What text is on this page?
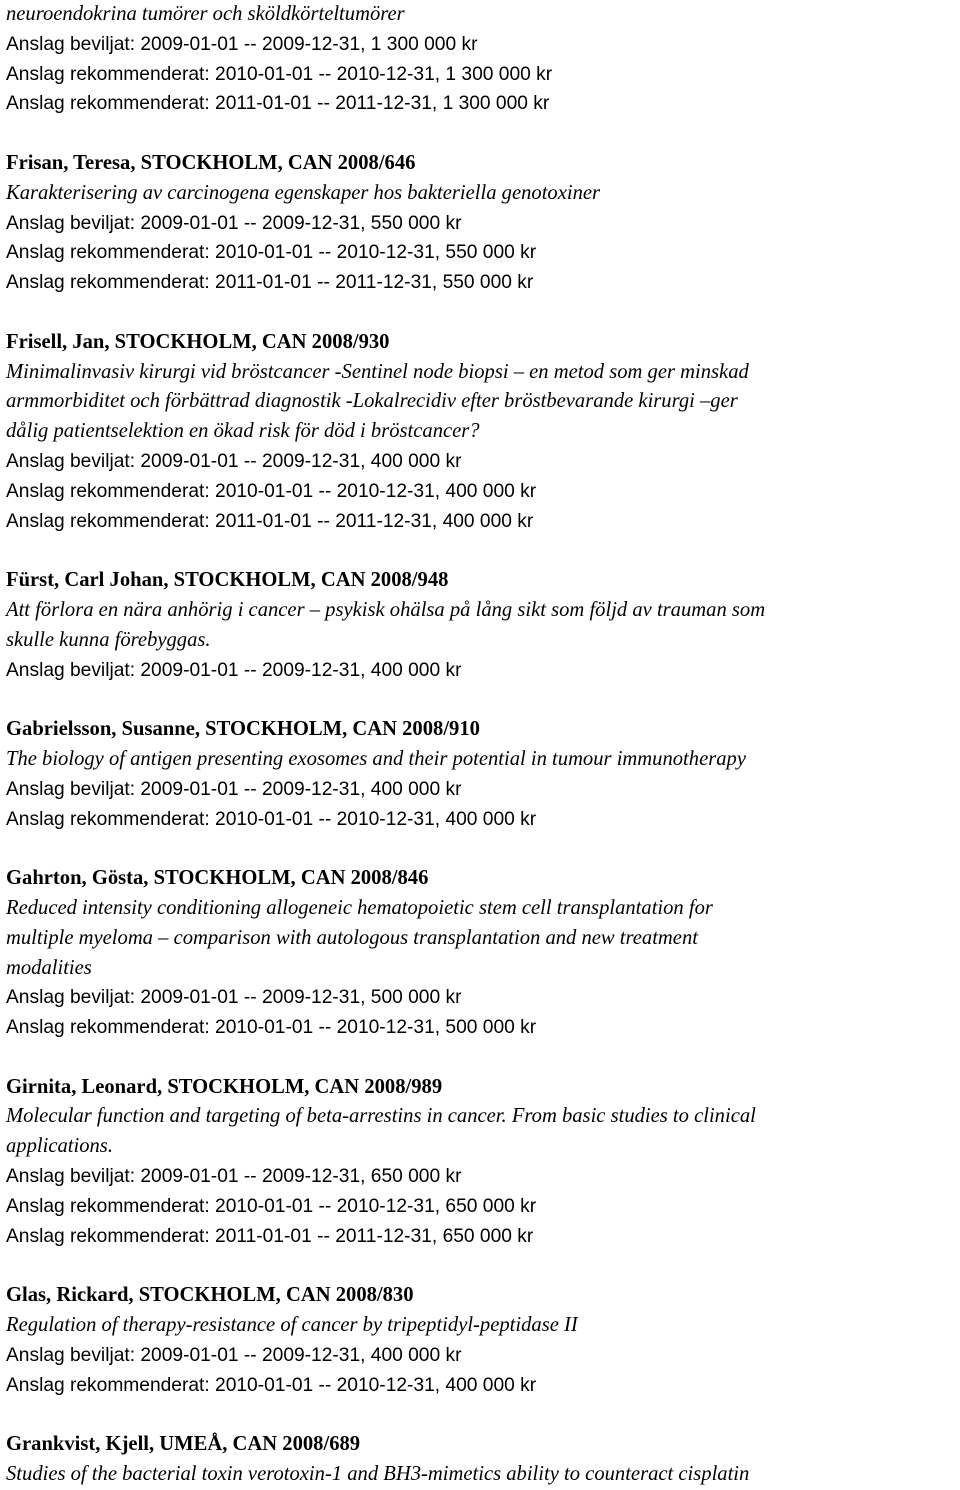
neuroendokrina tumörer och sköldkörteltumörer
Anslag beviljat: 2009-01-01 -- 2009-12-31, 1 300 000 kr
Anslag rekommenderat: 2010-01-01 -- 2010-12-31, 1 300 000 kr
Anslag rekommenderat: 2011-01-01 -- 2011-12-31, 1 300 000 kr
Frisan, Teresa, STOCKHOLM, CAN 2008/646
Karakterisering av carcinogena egenskaper hos bakteriella genotoxiner
Anslag beviljat: 2009-01-01 -- 2009-12-31, 550 000 kr
Anslag rekommenderat: 2010-01-01 -- 2010-12-31, 550 000 kr
Anslag rekommenderat: 2011-01-01 -- 2011-12-31, 550 000 kr
Frisell, Jan, STOCKHOLM, CAN 2008/930
Minimalinvasiv kirurgi vid bröstcancer -Sentinel node biopsi – en metod som ger minskad
armmorbiditet och förbättrad diagnostik -Lokalrecidiv efter bröstbevarande kirurgi –ger
dålig patientselektion en ökad risk för död i bröstcancer?
Anslag beviljat: 2009-01-01 -- 2009-12-31, 400 000 kr
Anslag rekommenderat: 2010-01-01 -- 2010-12-31, 400 000 kr
Anslag rekommenderat: 2011-01-01 -- 2011-12-31, 400 000 kr
Fürst, Carl Johan, STOCKHOLM, CAN 2008/948
Att förlora en nära anhörig i cancer – psykisk ohälsa på lång sikt som följd av trauman som
skulle kunna förebyggas.
Anslag beviljat: 2009-01-01 -- 2009-12-31, 400 000 kr
Gabrielsson, Susanne, STOCKHOLM, CAN 2008/910
The biology of antigen presenting exosomes and their potential in tumour immunotherapy
Anslag beviljat: 2009-01-01 -- 2009-12-31, 400 000 kr
Anslag rekommenderat: 2010-01-01 -- 2010-12-31, 400 000 kr
Gahrton, Gösta, STOCKHOLM, CAN 2008/846
Reduced intensity conditioning allogeneic hematopoietic stem cell transplantation for
multiple myeloma – comparison with autologous transplantation and new treatment
modalities
Anslag beviljat: 2009-01-01 -- 2009-12-31, 500 000 kr
Anslag rekommenderat: 2010-01-01 -- 2010-12-31, 500 000 kr
Girnita, Leonard, STOCKHOLM, CAN 2008/989
Molecular function and targeting of beta-arrestins in cancer. From basic studies to clinical
applications.
Anslag beviljat: 2009-01-01 -- 2009-12-31, 650 000 kr
Anslag rekommenderat: 2010-01-01 -- 2010-12-31, 650 000 kr
Anslag rekommenderat: 2011-01-01 -- 2011-12-31, 650 000 kr
Glas, Rickard, STOCKHOLM, CAN 2008/830
Regulation of therapy-resistance of cancer by tripeptidyl-peptidase II
Anslag beviljat: 2009-01-01 -- 2009-12-31, 400 000 kr
Anslag rekommenderat: 2010-01-01 -- 2010-12-31, 400 000 kr
Grankvist, Kjell, UMEÅ, CAN 2008/689
Studies of the bacterial toxin verotoxin-1 and BH3-mimetics ability to counteract cisplatin
